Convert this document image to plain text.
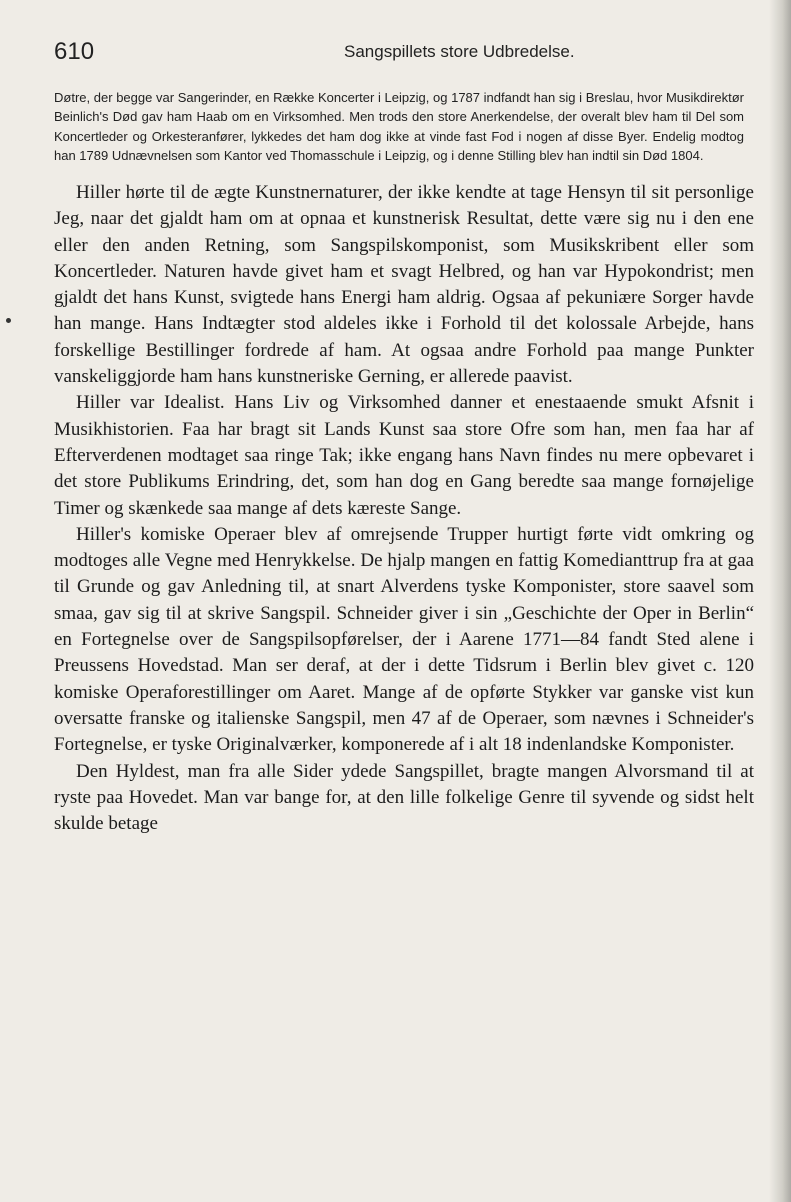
610	Sangspillets store Udbredelse.
Døtre, der begge var Sangerinder, en Række Koncerter i Leipzig, og 1787 indfandt han sig i Breslau, hvor Musikdirektør Beinlich's Død gav ham Haab om en Virksomhed. Men trods den store Anerkendelse, der overalt blev ham til Del som Koncertleder og Orkesteranfører, lykkedes det ham dog ikke at vinde fast Fod i nogen af disse Byer. Endelig modtog han 1789 Udnævnelsen som Kantor ved Thomasschule i Leipzig, og i denne Stilling blev han indtil sin Død 1804.

Hiller hørte til de ægte Kunstnernaturer, der ikke kendte at tage Hensyn til sit personlige Jeg, naar det gjaldt ham om at opnaa et kunstnerisk Resultat, dette være sig nu i den ene eller den anden Retning, som Sangspilskomponist, som Musikskribent eller som Koncertleder. Naturen havde givet ham et svagt Helbred, og han var Hypokondrist; men gjaldt det hans Kunst, svigtede hans Energi ham aldrig. Ogsaa af pekuniære Sorger havde han mange. Hans Indtægter stod aldeles ikke i Forhold til det kolossale Arbejde, hans forskellige Bestillinger fordrede af ham. At ogsaa andre Forhold paa mange Punkter vanskeliggjorde ham hans kunstneriske Gerning, er allerede paavist.

Hiller var Idealist. Hans Liv og Virksomhed danner et enestaaende smukt Afsnit i Musikhistorien. Faa har bragt sit Lands Kunst saa store Ofre som han, men faa har af Efterverdenen modtaget saa ringe Tak; ikke engang hans Navn findes nu mere opbevaret i det store Publikums Erindring, det, som han dog en Gang beredte saa mange fornøjelige Timer og skænkede saa mange af dets kæreste Sange.

Hiller's komiske Operaer blev af omrejsende Trupper hurtigt førte vidt omkring og modtoges alle Vegne med Henrykkelse. De hjalp mangen en fattig Komedianttrup fra at gaa til Grunde og gav Anledning til, at snart Alverdens tyske Komponister, store saavel som smaa, gav sig til at skrive Sangspil. Schneider giver i sin „Geschichte der Oper in Berlin“ en Fortegnelse over de Sangspilsopførelser, der i Aarene 1771—84 fandt Sted alene i Preussens Hovedstad. Man ser deraf, at der i dette Tidsrum i Berlin blev givet c. 120 komiske Operaforestillinger om Aaret. Mange af de opførte Stykker var ganske vist kun oversatte franske og italienske Sangspil, men 47 af de Operaer, som nævnes i Schneider's Fortegnelse, er tyske Originalværker, komponerede af i alt 18 indenlandske Komponister.

Den Hyldest, man fra alle Sider ydede Sangspillet, bragte mangen Alvorsmand til at ryste paa Hovedet. Man var bange for, at den lille folkelige Genre til syvende og sidst helt skulde betage
